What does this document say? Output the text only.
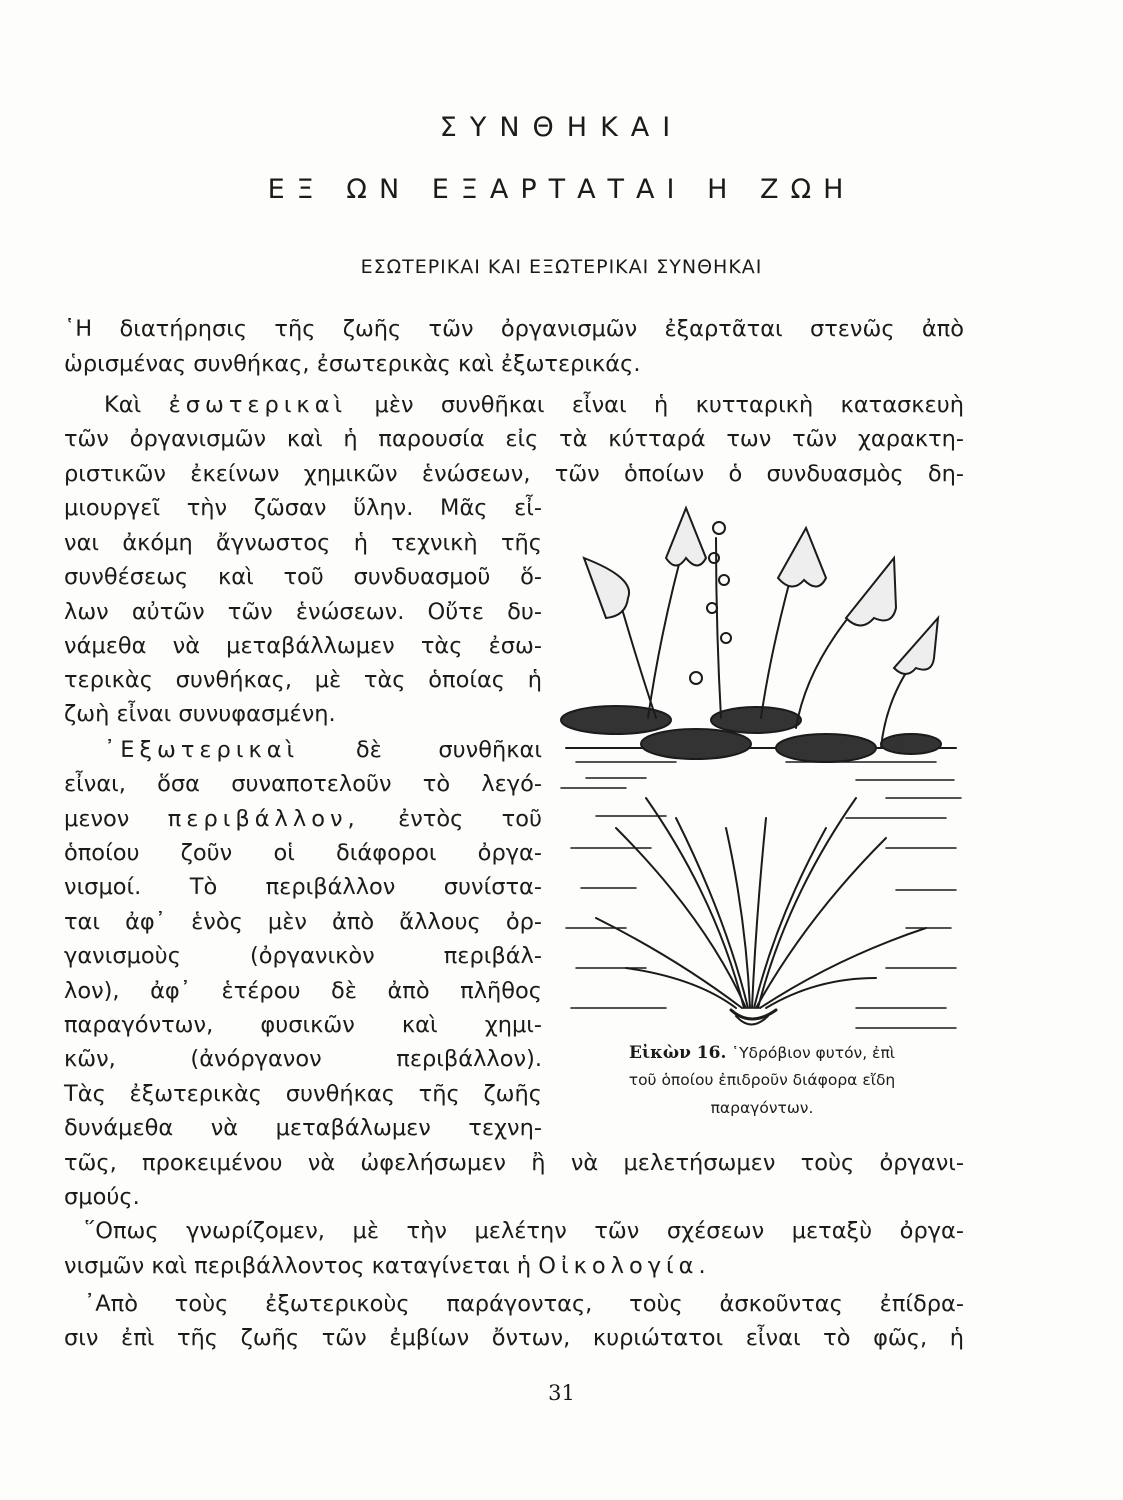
ΣΥΝΘΗΚΑΙ
ΕΞ ΩΝ ΕΞΑΡΤΑΤΑΙ Η ΖΩΗ
ΕΣΩΤΕΡΙΚΑΙ ΚΑΙ ΕΞΩΤΕΡΙΚΑΙ ΣΥΝΘΗΚΑΙ
῾Η διατήρησις τῆς ζωῆς τῶν ὀργανισμῶν ἐξαρτᾶται στενῶς ἀπὸ
ὡρισμένας συνθήκας, ἐσωτερικὰς καὶ ἐξωτερικάς.
Καὶ ἐσωτερικαὶ μὲν συνθῆκαι εἶναι ἡ κυτταρικὴ κατασκευὴ
τῶν ὀργανισμῶν καὶ ἡ παρουσία εἰς τὰ κύτταρά των τῶν χαρακτη-
ριστικῶν ἐκείνων χημικῶν ἑνώσεων, τῶν ὁποίων ὁ συνδυασμὸς δη-
μιουργεῖ τὴν ζῶσαν ὕλην. Μᾶς εἶ-
ναι ἀκόμη ἄγνωστος ἡ τεχνικὴ τῆς
συνθέσεως καὶ τοῦ συνδυασμοῦ ὅ-
λων αὐτῶν τῶν ἑνώσεων. Οὔτε δυ-
νάμεθα νὰ μεταβάλλωμεν τὰς ἐσω-
τερικὰς συνθήκας, μὲ τὰς ὁποίας ἡ
ζωὴ εἶναι συνυφασμένη.
᾿Εξωτερικαὶ	δὲ συνθῆκαι
εἶναι, ὅσα συναποτελοῦν τὸ λεγό-
μενον περιβάλλον, ἐντὸς τοῦ
ὁποίου ζοῦν οἱ διάφοροι ὀργα-
νισμοί. Τὸ περιβάλλον συνίστα-
ται ἀφ᾿ ἑνὸς μὲν ἀπὸ ἄλλους ὀρ-
γανισμοὺς (ὀργανικὸν περιβάλ-
λον), ἀφ᾿ ἑτέρου δὲ ἀπὸ πλῆθος
παραγόντων, φυσικῶν καὶ χημι-
κῶν, (ἀνόργανον περιβάλλον).
Τὰς ἐξωτερικὰς συνθήκας τῆς ζωῆς
δυνάμεθα νὰ μεταβάλωμεν τεχνη-
τῶς, προκειμένου νὰ ὠφελήσωμεν ἢ νὰ μελετήσωμεν τοὺς ὀργανι-
σμούς.
῞Οπως γνωρίζομεν, μὲ τὴν μελέτην τῶν σχέσεων μεταξὺ ὀργα-
νισμῶν καὶ περιβάλλοντος καταγίνεται ἡ Οἰκολογία.
᾿Απὸ τοὺς ἐξωτερικοὺς παράγοντας, τοὺς ἀσκοῦντας ἐπίδρα-
σιν ἐπὶ τῆς ζωῆς τῶν ἐμβίων ὄντων, κυριώτατοι εἶναι τὸ φῶς, ἡ
Εἰκὼν 16. ῾Υδρόβιον φυτόν, ἐπὶ
τοῦ ὁποίου ἐπιδροῦν διάφορα εἴδη
παραγόντων.
31
